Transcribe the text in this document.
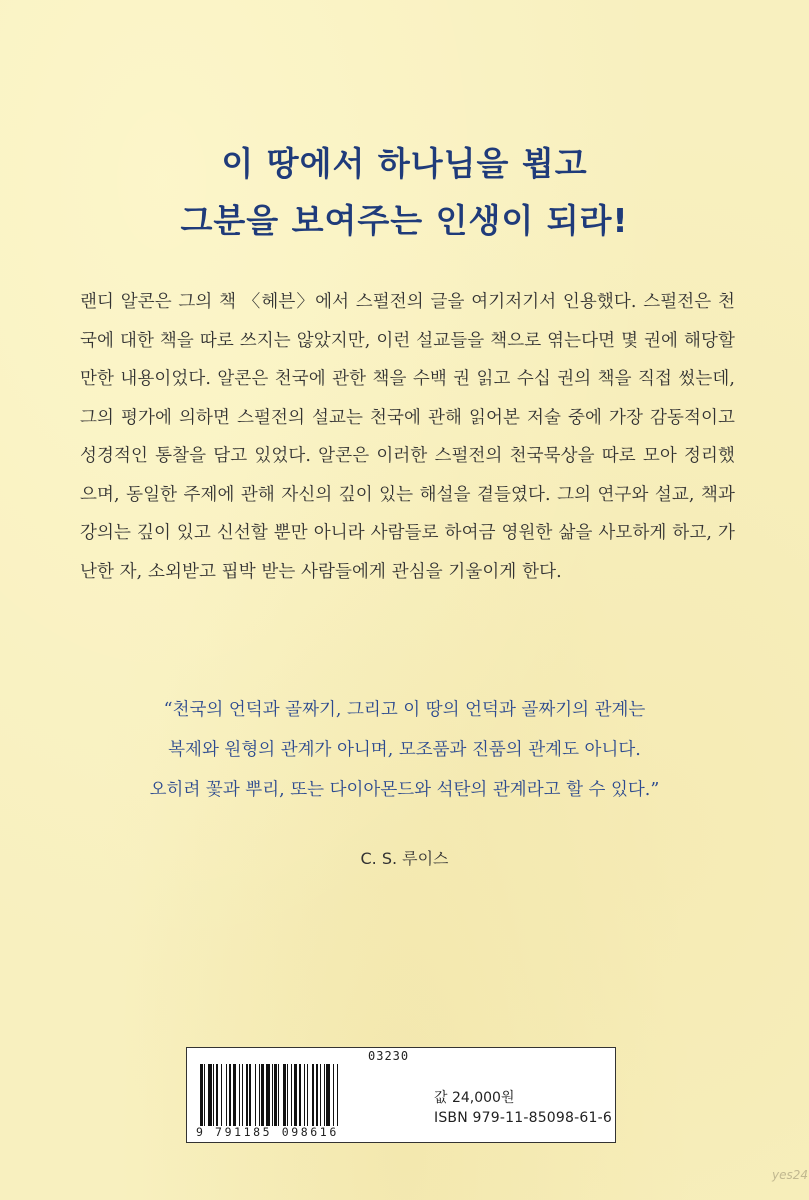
이 땅에서 하나님을 뵙고
그분을 보여주는 인생이 되라!
랜디 알콘은 그의 책 〈헤븐〉에서 스펄전의 글을 여기저기서 인용했다. 스펄전은 천국에 대한 책을 따로 쓰지는 않았지만, 이런 설교들을 책으로 엮는다면 몇 권에 해당할 만한 내용이었다. 알콘은 천국에 관한 책을 수백 권 읽고 수십 권의 책을 직접 썼는데, 그의 평가에 의하면 스펄전의 설교는 천국에 관해 읽어본 저술 중에 가장 감동적이고 성경적인 통찰을 담고 있었다. 알콘은 이러한 스펄전의 천국묵상을 따로 모아 정리했으며, 동일한 주제에 관해 자신의 깊이 있는 해설을 곁들였다. 그의 연구와 설교, 책과 강의는 깊이 있고 신선할 뿐만 아니라 사람들로 하여금 영원한 삶을 사모하게 하고, 가난한 자, 소외받고 핍박 받는 사람들에게 관심을 기울이게 한다.
“천국의 언덕과 골짜기, 그리고 이 땅의 언덕과 골짜기의 관계는
복제와 원형의 관계가 아니며, 모조품과 진품의 관계도 아니다.
오히려 꽃과 뿌리, 또는 다이아몬드와 석탄의 관계라고 할 수 있다.”
C. S. 루이스
03230
9 791185 098616
값 24,000원
ISBN 979-11-85098-61-6
yes24
